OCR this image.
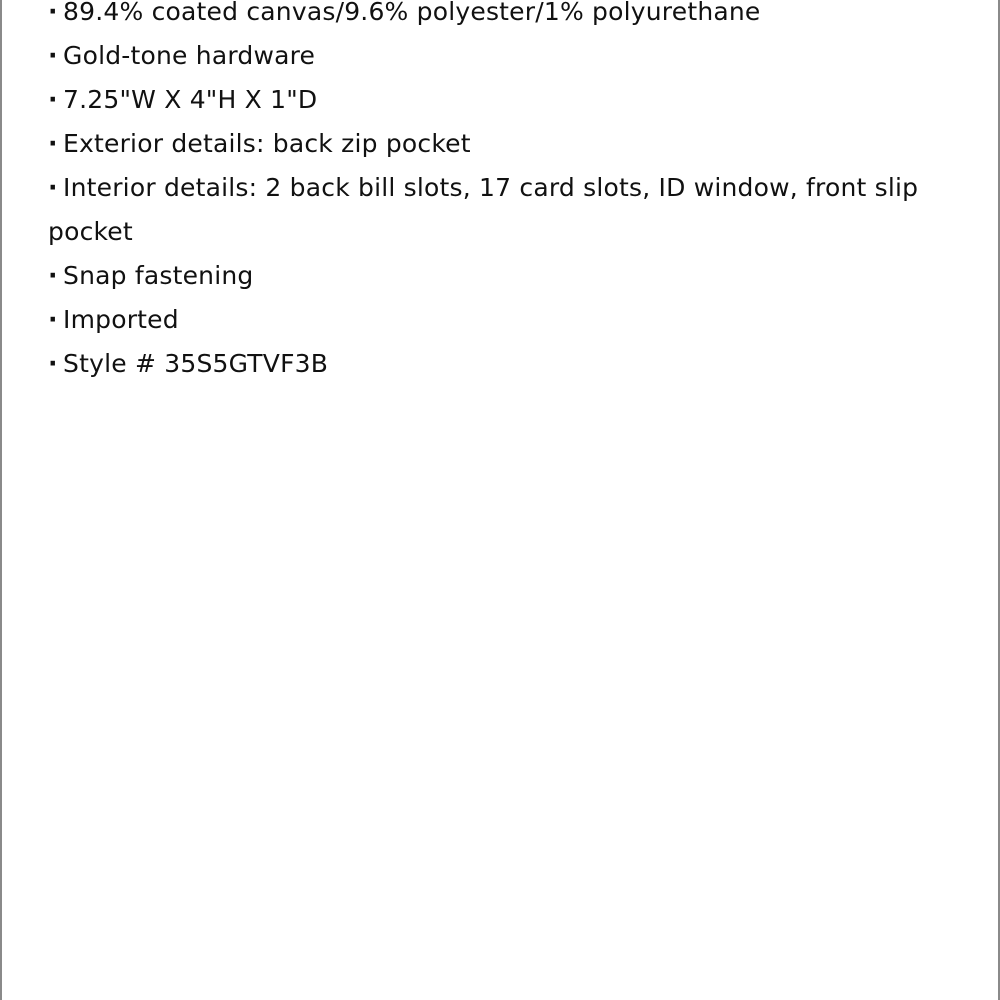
· 89.4% coated canvas/9.6% polyester/1% polyurethane
· Gold-tone hardware
· 7.25"W X 4"H X 1"D
· Exterior details: back zip pocket
· Interior details: 2 back bill slots, 17 card slots, ID window, front slip pocket
· Snap fastening
· Imported
· Style # 35S5GTVF3B
